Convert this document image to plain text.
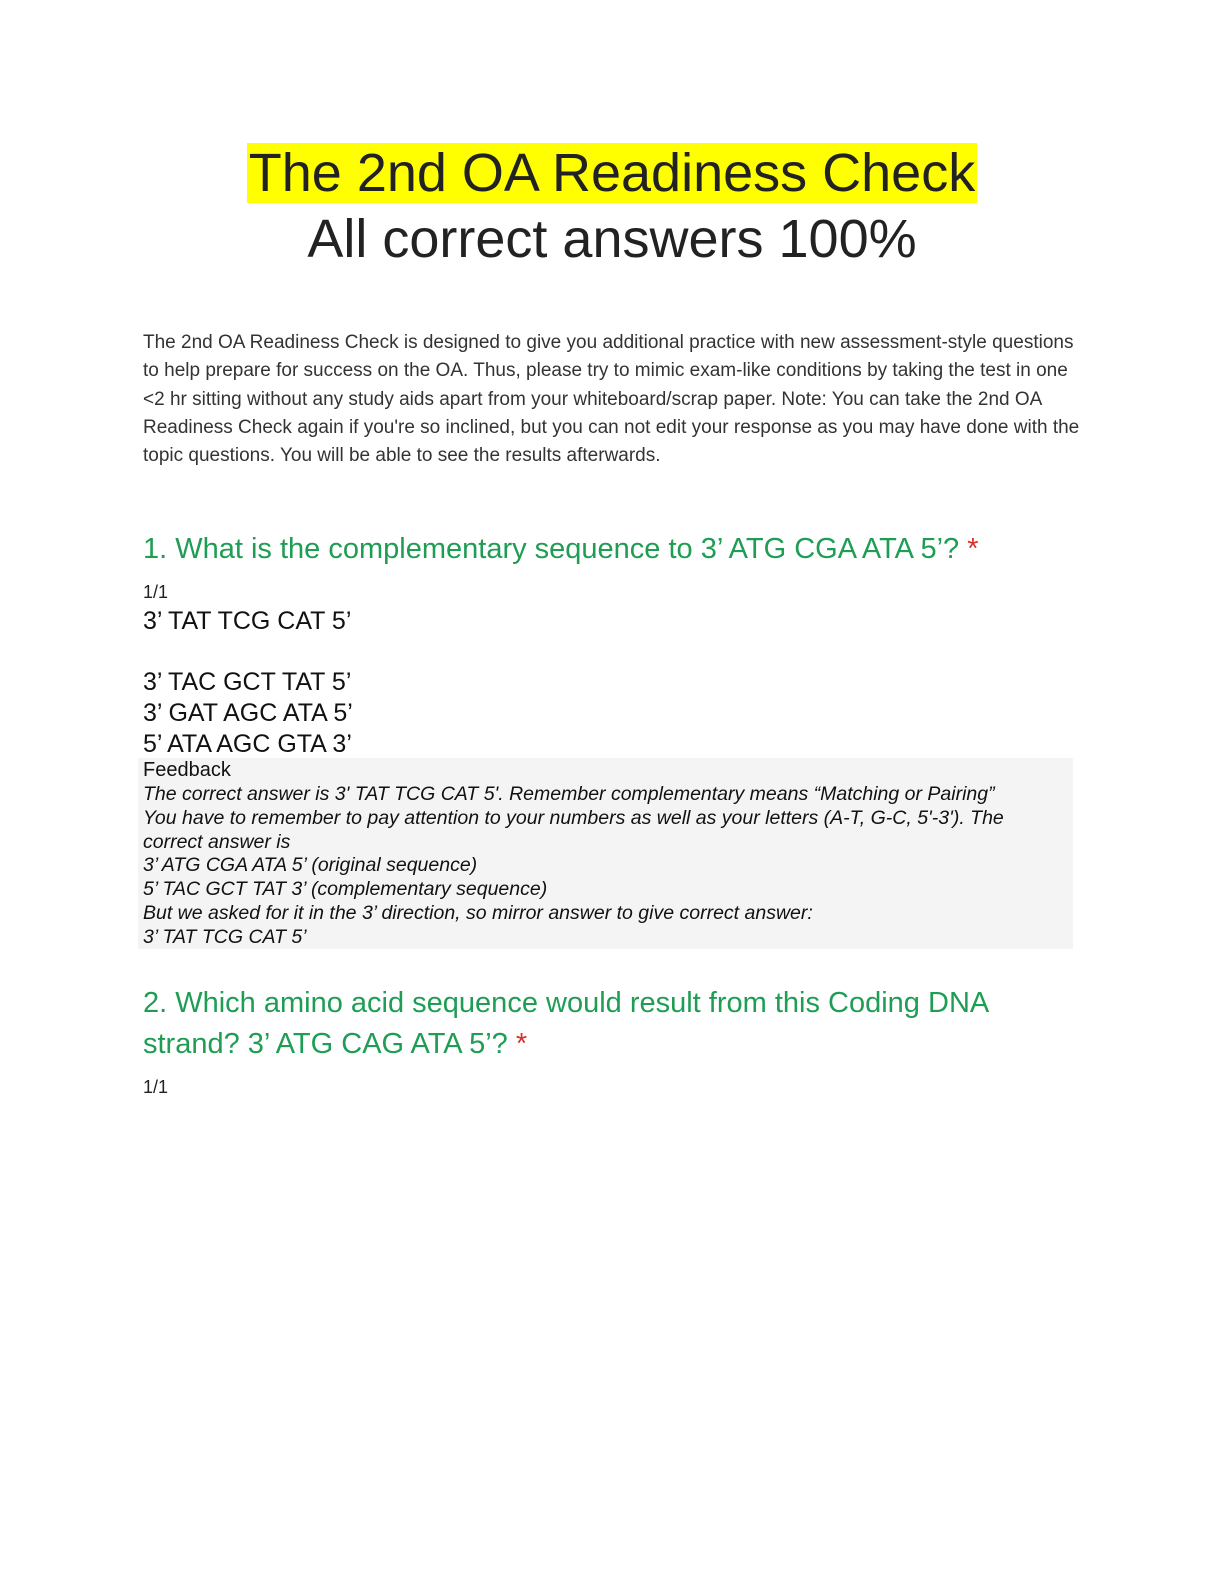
The 2nd OA Readiness Check

All correct answers 100%

The 2nd OA Readiness Check is designed to give you additional practice with new assessment-style questions to help prepare for success on the OA. Thus, please try to mimic exam-like conditions by taking the test in one <2 hr sitting without any study aids apart from your whiteboard/scrap paper. Note: You can take the 2nd OA Readiness Check again if you're so inclined, but you can not edit your response as you may have done with the topic questions. You will be able to see the results afterwards.

1. What is the complementary sequence to 3’ ATG CGA ATA 5’? *

1/1
3’ TAT TCG CAT 5’
3’ TAC GCT TAT 5’
3’ GAT AGC ATA 5’
5’ ATA AGC GTA 3’
Feedback

The correct answer is 3' TAT TCG CAT 5'. Remember complementary means “Matching or Pairing”
You have to remember to pay attention to your numbers as well as your letters (A-T, G-C, 5'-3'). The
correct answer is
3’ ATG CGA ATA 5’ (original sequence)
5’ TAC GCT TAT 3’ (complementary sequence)
But we asked for it in the 3’ direction, so mirror answer to give correct answer:
3’ TAT TCG CAT 5’

2. Which amino acid sequence would result from this Coding DNA strand? 3’ ATG CAG ATA 5’? *

1/1
